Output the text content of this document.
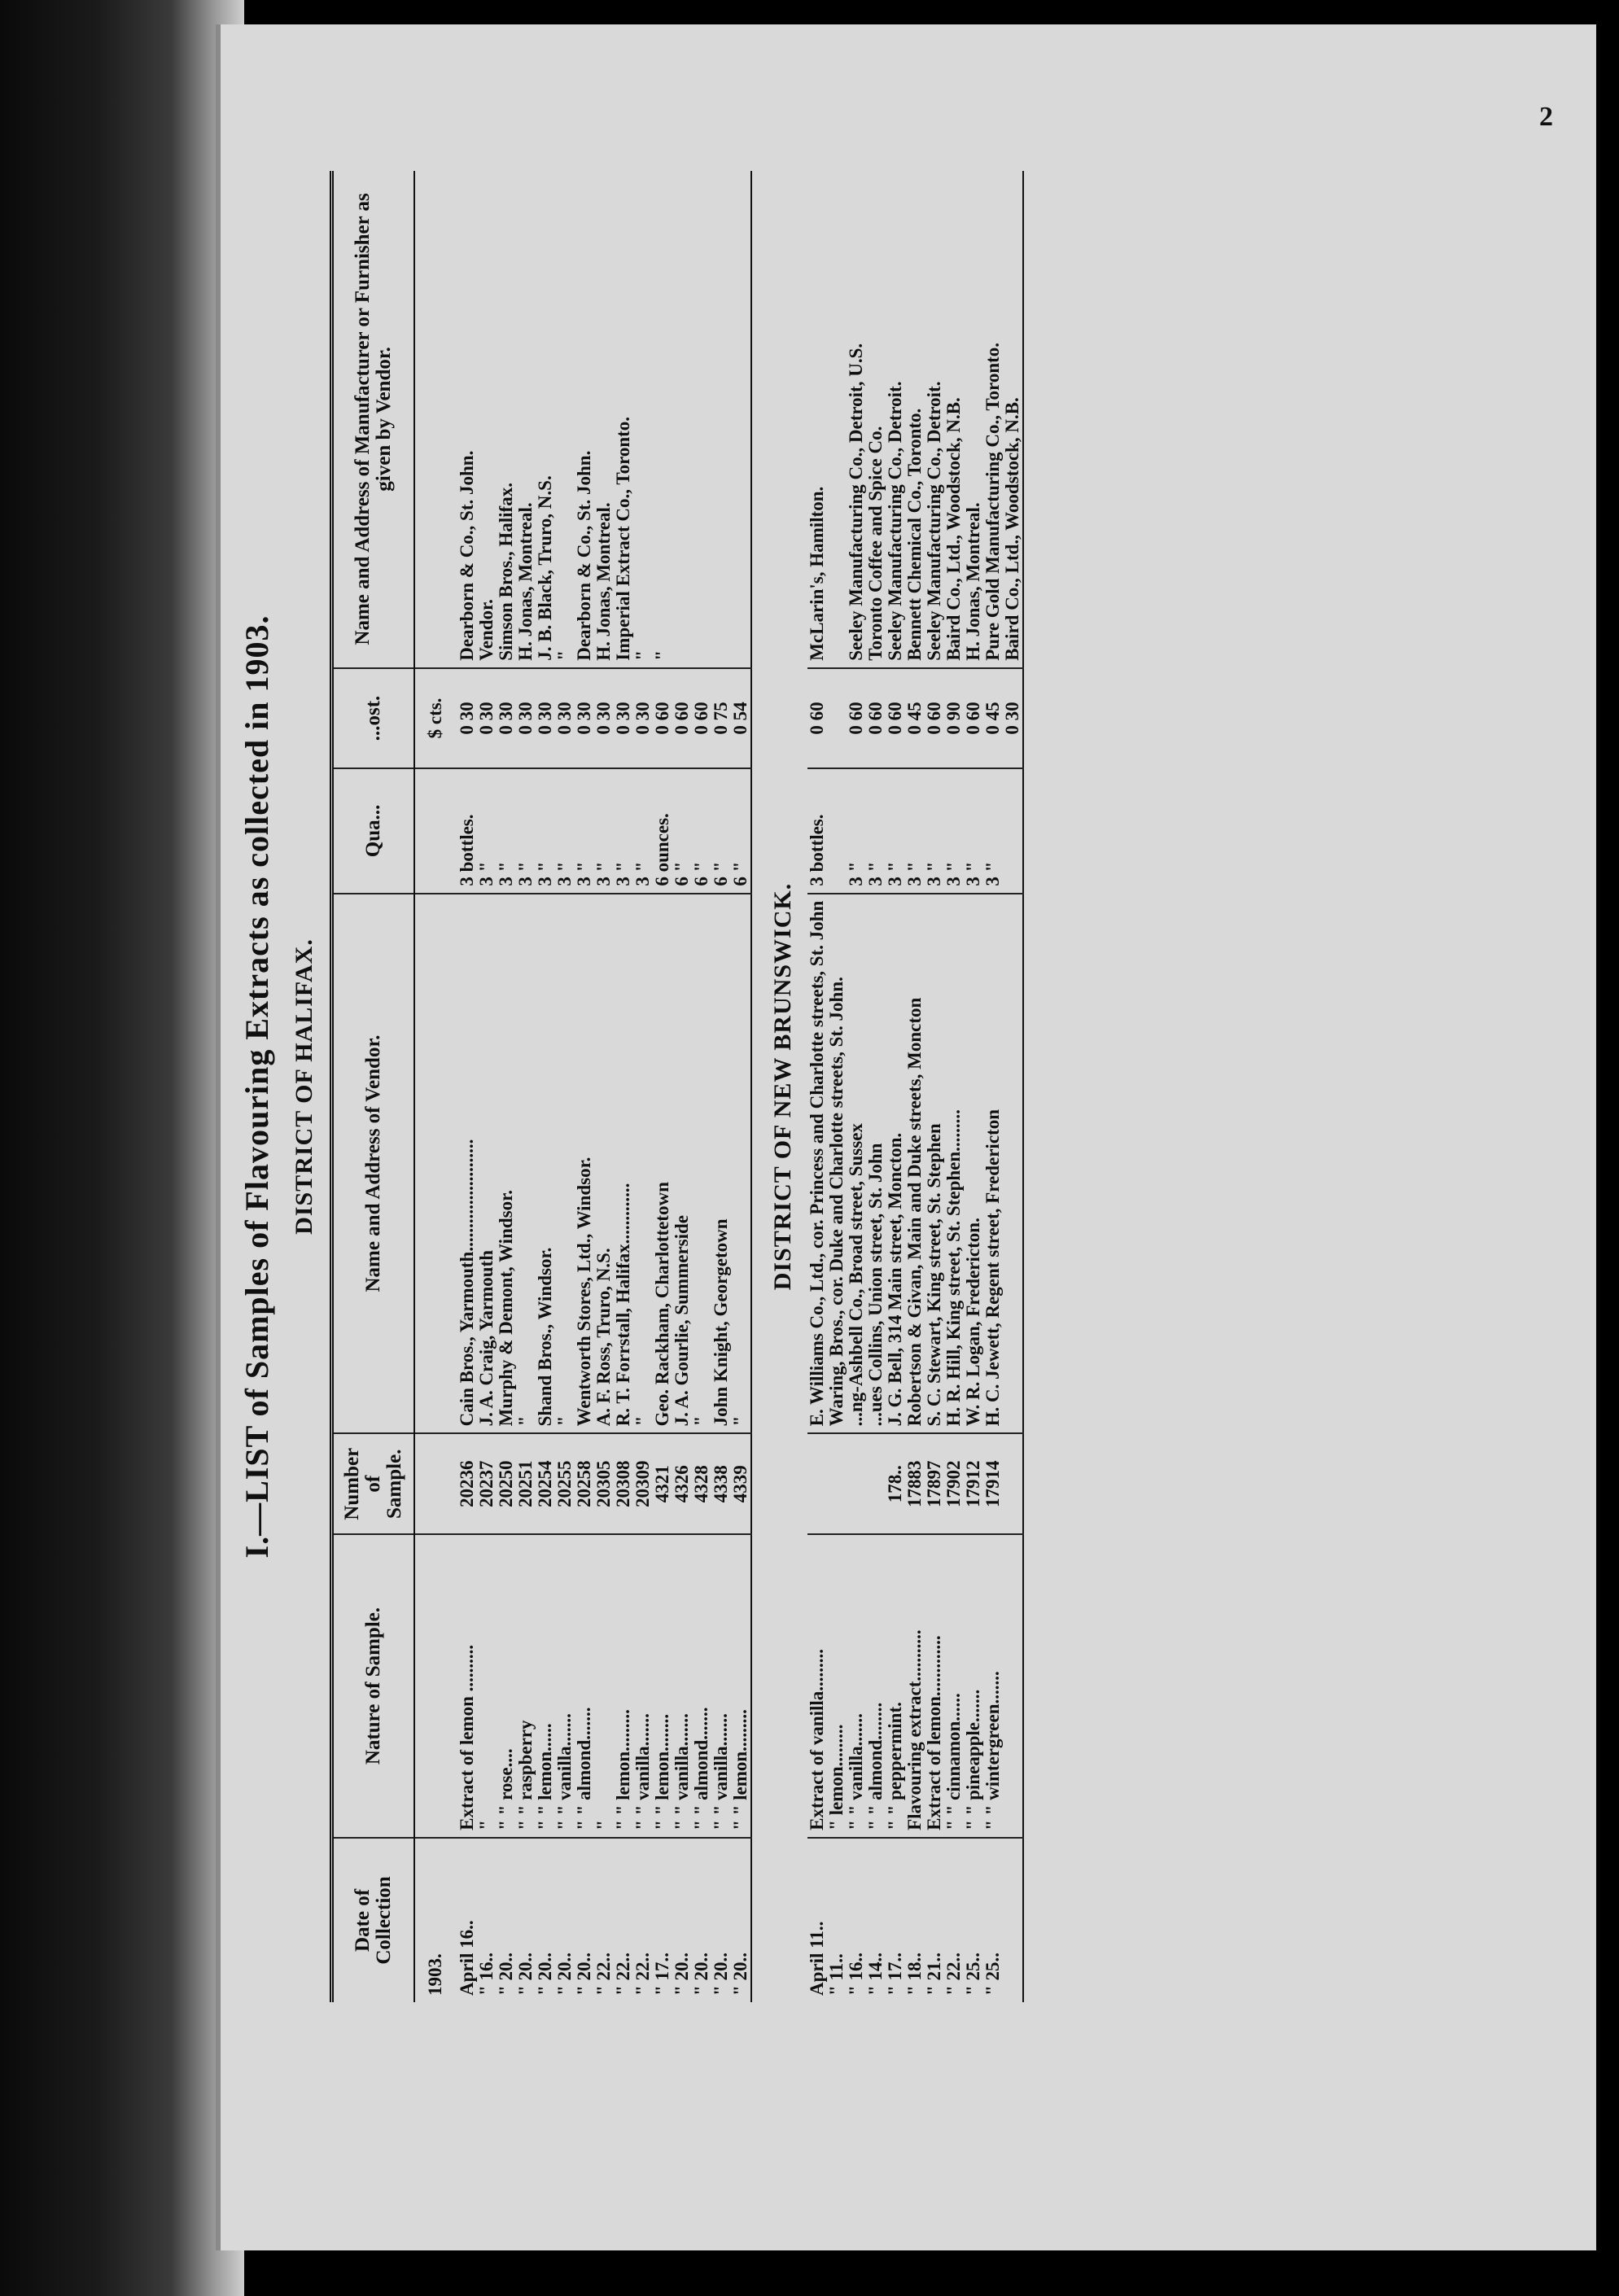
2
I.—LIST of Samples of Flavouring Extracts as collected in 1903. DISTRICT OF HALIFAX.
Date of Collection	Nature of Sample.	Number of Sample.	Name and Address of Vendor.	Qua...	...ost.	Name and Address of Manufacturer or Furnisher as given by Vendor.
1903.					$ cts.	
April 16..	Extract of lemon ..........	20236	Cain Bros., Yarmouth........................	3 bottles.	0 30	Dearborn & Co., St. John.
" 16..	"	20237	J. A. Craig, Yarmouth	3 "	0 30	Vendor.
" 20..	" " rose....	20250	Murphy & Demont, Windsor.	3 "	0 30	Simson Bros., Halifax.
" 20..	" " raspberry	20251	"	3 "	0 30	H. Jonas, Montreal.
" 20..	" " lemon......	20254	Shand Bros., Windsor.	3 "	0 30	J. B. Black, Truro, N.S.
" 20..	" " vanilla.......	20255	"	3 "	0 30	"
" 20..	" " almond.......	20258	Wentworth Stores, Ltd., Windsor.	3 "	0 30	Dearborn & Co., St. John.
" 22..	"	20305	A. F. Ross, Truro, N.S.	3 "	0 30	H. Jonas, Montreal.
" 22..	" " lemon.........	20308	R. T. Forrstall, Halifax.............	3 "	0 30	Imperial Extract Co., Toronto.
" 22..	" " vanilla.......	20309	"	3 "	0 30	"
" 17..	" " lemon........	4321	Geo. Rackham, Charlottetown	6 ounces.	0 60	"
" 20..	" " vanilla.......	4326	J. A. Gourlie, Summerside	6 "	0 60	
" 20..	" " almond.......	4328	"	6 "	0 60	
" 20..	" " vanilla.......	4338	John Knight, Georgetown	6 "	0 75	
" 20..	" " lemon.........	4339	"	6 "	0 54	

DISTRICT OF NEW BRUNSWICK.						

April 11..	Extract of vanilla.........		E. Williams Co., Ltd., cor. Princess and Charlotte streets, St. John	3 bottles.	0 60	McLarin's, Hamilton.
" 11..	" lemon.........		Waring, Bros., cor. Duke and Charlotte streets, St. John.			
" 16..	" " vanilla.......		...ng-Ashbell Co., Broad street, Sussex	3 "	0 60	Seeley Manufacturing Co., Detroit, U.S.
" 14..	" " almond........		...ues Collins, Union street, St. John	3 "	0 60	Toronto Coffee and Spice Co.
" 17..	" " peppermint.	178..	J. G. Bell, 314 Main street, Moncton.	3 "	0 60	Seeley Manufacturing Co., Detroit.
" 18..	Flavouring extract...........	17883	Robertson & Givan, Main and Duke streets, Moncton	3 "	0 45	Bennett Chemical Co., Toronto.
" 21..	Extract of lemon.............	17897	S. C. Stewart, King street, St. Stephen	3 "	0 60	Seeley Manufacturing Co., Detroit.
" 22..	" " cinnamon......	17902	H. R. Hill, King street, St. Stephen.........	3 "	0 90	Baird Co., Ltd., Woodstock, N.B.
" 25..	" " pineapple.......	17912	W. R. Logan, Fredericton.	3 "	0 60	H. Jonas, Montreal.
" 25..	" " wintergreen.......	17914	H. C. Jewett, Regent street, Fredericton	3 "	0 45	Pure Gold Manufacturing Co., Toronto.
					0 30	Baird Co., Ltd., Woodstock, N.B.
